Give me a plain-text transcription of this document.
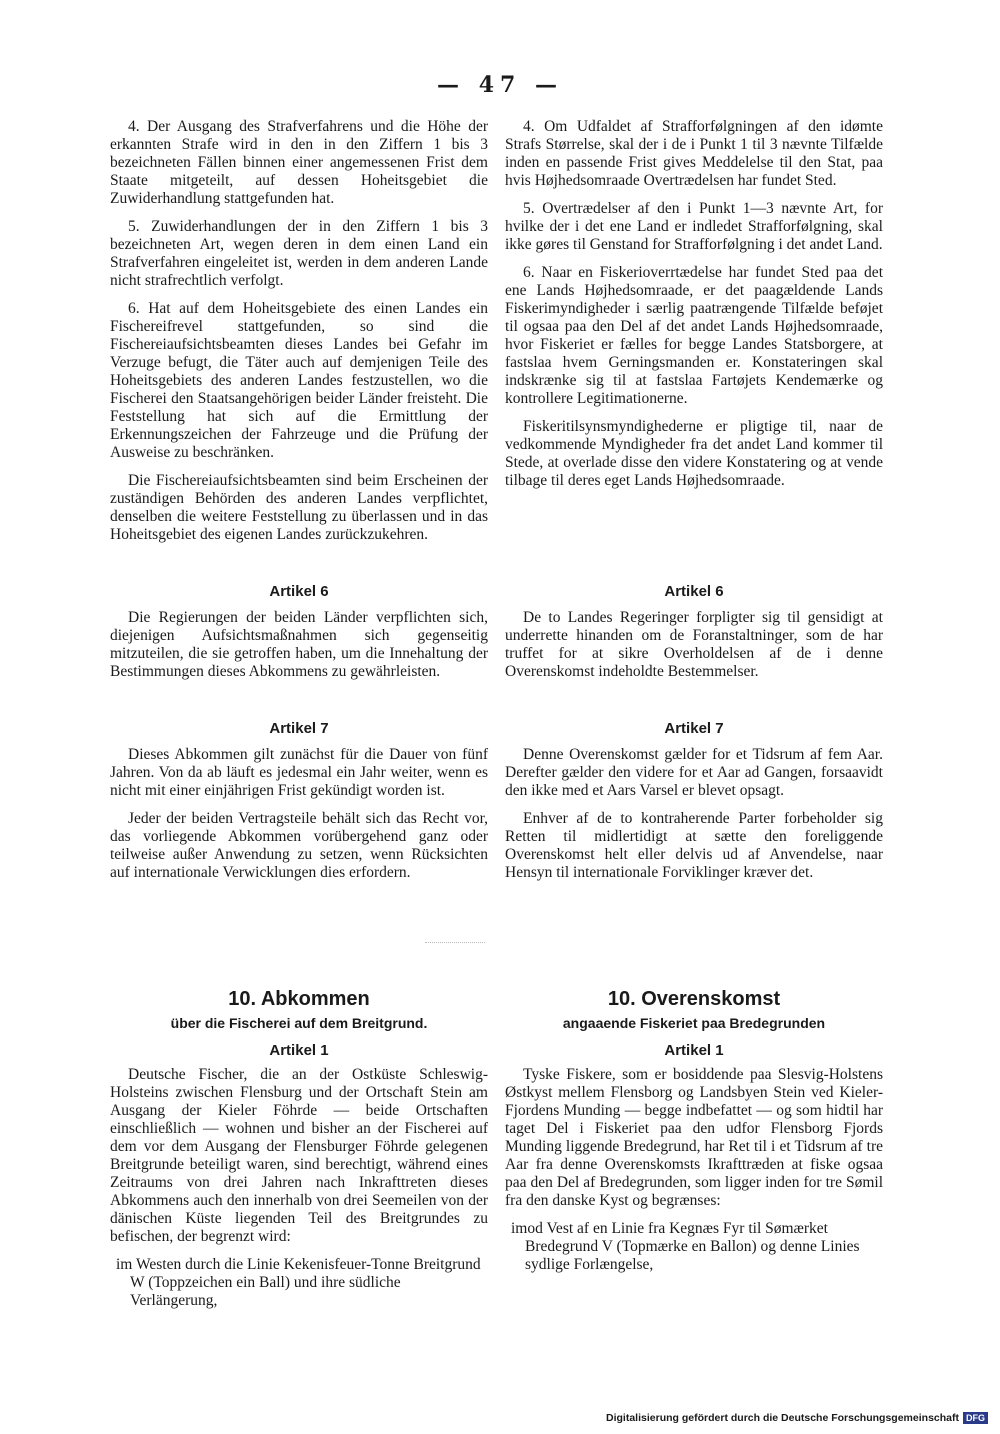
— 47 —

4. Der Ausgang des Strafverfahrens und die Höhe der erkannten Strafe wird in den in den Ziffern 1 bis 3 bezeichneten Fällen binnen einer angemessenen Frist dem Staate mitgeteilt, auf dessen Hoheitsgebiet die Zuwiderhandlung stattgefunden hat.

5. Zuwiderhandlungen der in den Ziffern 1 bis 3 bezeichneten Art, wegen deren in dem einen Land ein Strafverfahren eingeleitet ist, werden in dem anderen Lande nicht strafrechtlich verfolgt.

6. Hat auf dem Hoheitsgebiete des einen Landes ein Fischereifrevel stattgefunden, so sind die Fischereiaufsichtsbeamten dieses Landes bei Gefahr im Verzuge befugt, die Täter auch auf demjenigen Teile des Hoheitsgebiets des anderen Landes festzustellen, wo die Fischerei den Staatsangehörigen beider Länder freisteht. Die Feststellung hat sich auf die Ermittlung der Erkennungszeichen der Fahrzeuge und die Prüfung der Ausweise zu beschränken.

Die Fischereiaufsichtsbeamten sind beim Erscheinen der zuständigen Behörden des anderen Landes verpflichtet, denselben die weitere Feststellung zu überlassen und in das Hoheitsgebiet des eigenen Landes zurückzukehren.

Artikel 6

Die Regierungen der beiden Länder verpflichten sich, diejenigen Aufsichtsmaßnahmen sich gegenseitig mitzuteilen, die sie getroffen haben, um die Innehaltung der Bestimmungen dieses Abkommens zu gewährleisten.

Artikel 7

Dieses Abkommen gilt zunächst für die Dauer von fünf Jahren. Von da ab läuft es jedesmal ein Jahr weiter, wenn es nicht mit einer einjährigen Frist gekündigt worden ist.

Jeder der beiden Vertragsteile behält sich das Recht vor, das vorliegende Abkommen vorübergehend ganz oder teilweise außer Anwendung zu setzen, wenn Rücksichten auf internationale Verwicklungen dies erfordern.

10. Abkommen
über die Fischerei auf dem Breitgrund.
Artikel 1

Deutsche Fischer, die an der Ostküste Schleswig-Holsteins zwischen Flensburg und der Ortschaft Stein am Ausgang der Kieler Föhrde — beide Ortschaften einschließlich — wohnen und bisher an der Fischerei auf dem vor dem Ausgang der Flensburger Föhrde gelegenen Breitgrunde beteiligt waren, sind berechtigt, während eines Zeitraums von drei Jahren nach Inkrafttreten dieses Abkommens auch den innerhalb von drei Seemeilen von der dänischen Küste liegenden Teil des Breitgrundes zu befischen, der begrenzt wird:

im Westen durch die Linie Kekenisfeuer-Tonne Breitgrund W (Toppzeichen ein Ball) und ihre südliche Verlängerung,

4. Om Udfaldet af Strafforfølgningen af den idømte Strafs Størrelse, skal der i de i Punkt 1 til 3 nævnte Tilfælde inden en passende Frist gives Meddelelse til den Stat, paa hvis Højhedsomraade Overtrædelsen har fundet Sted.

5. Overtrædelser af den i Punkt 1—3 nævnte Art, for hvilke der i det ene Land er indledet Strafforfølgning, skal ikke gøres til Genstand for Strafforfølgning i det andet Land.

6. Naar en Fiskerioverrtædelse har fundet Sted paa det ene Lands Højhedsomraade, er det paagældende Lands Fiskerimyndigheder i særlig paatrængende Tilfælde beføjet til ogsaa paa den Del af det andet Lands Højhedsomraade, hvor Fiskeriet er fælles for begge Landes Statsborgere, at fastslaa hvem Gerningsmanden er. Konstateringen skal indskrænke sig til at fastslaa Fartøjets Kendemærke og kontrollere Legitimationerne.

Fiskeritilsynsmyndighederne er pligtige til, naar de vedkommende Myndigheder fra det andet Land kommer til Stede, at overlade disse den videre Konstatering og at vende tilbage til deres eget Lands Højhedsomraade.

Artikel 6

De to Landes Regeringer forpligter sig til gensidigt at underrette hinanden om de Foranstaltninger, som de har truffet for at sikre Overholdelsen af de i denne Overenskomst indeholdte Bestemmelser.

Artikel 7

Denne Overenskomst gælder for et Tidsrum af fem Aar. Derefter gælder den videre for et Aar ad Gangen, forsaavidt den ikke med et Aars Varsel er blevet opsagt.

Enhver af de to kontraherende Parter forbeholder sig Retten til midlertidigt at sætte den foreliggende Overenskomst helt eller delvis ud af Anvendelse, naar Hensyn til internationale Forviklinger kræver det.

10. Overenskomst
angaaende Fiskeriet paa Bredegrunden
Artikel 1

Tyske Fiskere, som er bosiddende paa Slesvig-Holstens Østkyst mellem Flensborg og Landsbyen Stein ved Kieler-Fjordens Munding — begge indbefattet — og som hidtil har taget Del i Fiskeriet paa den udfor Flensborg Fjords Munding liggende Bredegrund, har Ret til i et Tidsrum af tre Aar fra denne Overenskomsts Ikrafttræden at fiske ogsaa paa den Del af Bredegrunden, som ligger inden for tre Sømil fra den danske Kyst og begrænses:

imod Vest af en Linie fra Kegnæs Fyr til Sømærket Bredegrund V (Topmærke en Ballon) og denne Linies sydlige Forlængelse,

Digitalisierung gefördert durch die Deutsche Forschungsgemeinschaft DFG
